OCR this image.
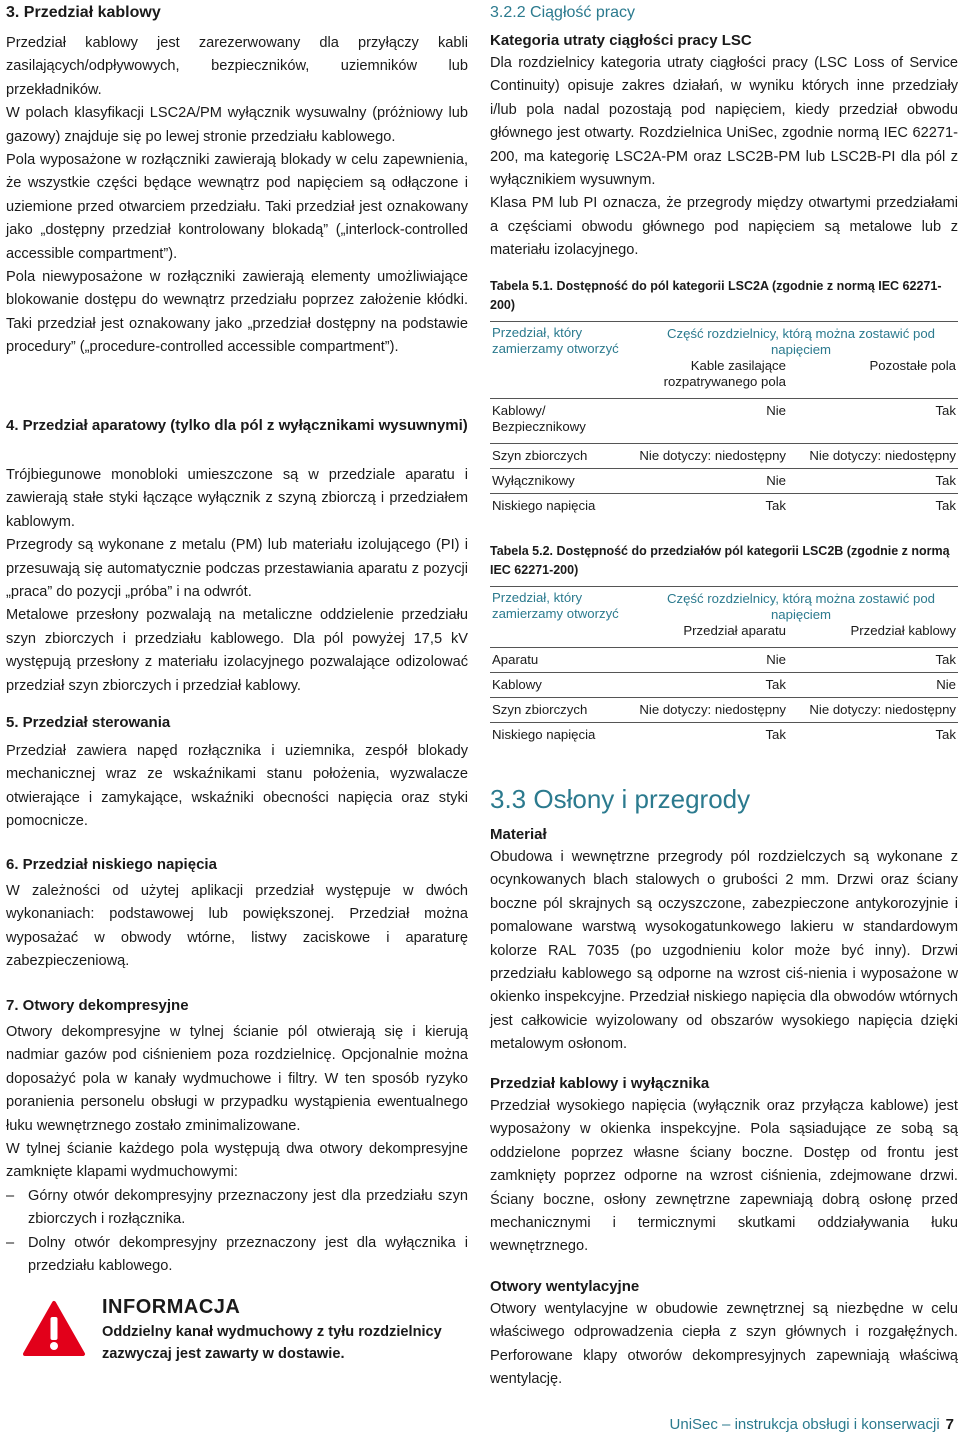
3. Przedział kablowy

Przedział kablowy jest zarezerwowany dla przyłączy kabli zasilających/odpływowych, bezpieczników, uziemników lub przekładników.

W polach klasyfikacji LSC2A/PM wyłącznik wysuwalny (próżniowy lub gazowy) znajduje się po lewej stronie przedziału kablowego.

Pola wyposażone w rozłączniki zawierają blokady w celu zapewnienia, że wszystkie części będące wewnątrz pod napięciem są odłączone i uziemione przed otwarciem przedziału. Taki przedział jest oznakowany jako „dostępny przedział kontrolowany blokadą” („interlock-controlled accessible compartment”).

Pola niewyposażone w rozłączniki zawierają elementy umożliwiające blokowanie dostępu do wewnątrz przedziału poprzez założenie kłódki. Taki przedział jest oznakowany jako „przedział dostępny na podstawie procedury” („procedure-controlled accessible compartment”).

4. Przedział aparatowy (tylko dla pól z wyłącznikami wysuwnymi)

Trójbiegunowe monobloki umieszczone są w przedziale aparatu i zawierają stałe styki łączące wyłącznik z szyną zbiorczą i przedziałem kablowym.

Przegrody są wykonane z metalu (PM) lub materiału izolującego (PI) i przesuwają się automatycznie podczas przestawiania aparatu z pozycji „praca” do pozycji „próba” i na odwrót.

Metalowe przesłony pozwalają na metaliczne oddzielenie przedziału szyn zbiorczych i przedziału kablowego. Dla pól powyżej 17,5 kV występują przesłony z materiału izolacyjnego pozwalające odizolować przedział szyn zbiorczych i przedział kablowy.

5. Przedział sterowania

Przedział zawiera napęd rozłącznika i uziemnika, zespół blokady mechanicznej wraz ze wskaźnikami stanu położenia, wyzwalacze otwierające i zamykające, wskaźniki obecności napięcia oraz styki pomocnicze.

6. Przedział niskiego napięcia

W zależności od użytej aplikacji przedział występuje w dwóch wykonaniach: podstawowej lub powiększonej. Przedział można wyposażać w obwody wtórne, listwy zaciskowe i aparaturę zabezpieczeniową.

7. Otwory dekompresyjne

Otwory dekompresyjne w tylnej ścianie pól otwierają się i kierują nadmiar gazów pod ciśnieniem poza rozdzielnicę. Opcjonalnie można doposażyć pola w kanały wydmuchowe i filtry. W ten sposób ryzyko poranienia personelu obsługi w przypadku wystąpienia ewentualnego łuku wewnętrznego zostało zminimalizowane.

W tylnej ścianie każdego pola występują dwa otwory dekompresyjne zamknięte klapami wydmuchowymi:

– Górny otwór dekompresyjny przeznaczony jest dla przedziału szyn zbiorczych i rozłącznika.
– Dolny otwór dekompresyjny przeznaczony jest dla wyłącznika i przedziału kablowego.
INFORMACJA
Oddzielny kanał wydmuchowy z tyłu rozdzielnicy zazwyczaj jest zawarty w dostawie.
3.2.2 Ciągłość pracy
Kategoria utraty ciągłości pracy LSC

Dla rozdzielnicy kategoria utraty ciągłości pracy (LSC Loss of Service Continuity) opisuje zakres działań, w wyniku których inne przedziały i/lub pola nadal pozostają pod napięciem, kiedy przedział obwodu głównego jest otwarty. Rozdzielnica UniSec, zgodnie normą IEC 62271-200, ma kategorię LSC2A-PM oraz LSC2B-PM lub LSC2B-PI dla pól z wyłącznikiem wysuwnym.

Klasa PM lub PI oznacza, że przegrody między otwartymi przedziałami a częściami obwodu głównego pod napięciem są metalowe lub z materiału izolacyjnego.

Tabela 5.1. Dostępność do pól kategorii LSC2A (zgodnie z normą IEC 62271-200)
Przedział, który zamierzamy otworzyć	Część rozdzielnicy, którą można zostawić pod napięciem	
	Kable zasilające rozpatrywanego pola	Pozostałe pola
Kablowy/ Bezpiecznikowy	Nie	Tak
Szyn zbiorczych	Nie dotyczy: niedostępny	Nie dotyczy: niedostępny
Wyłącznikowy	Nie	Tak
Niskiego napięcia	Tak	Tak
Tabela 5.2. Dostępność do przedziałów pól kategorii LSC2B (zgodnie z normą IEC 62271-200)
Przedział, który zamierzamy otworzyć	Część rozdzielnicy, którą można zostawić pod napięciem	
	Przedział aparatu	Przedział kablowy
Aparatu	Nie	Tak
Kablowy	Tak	Nie
Szyn zbiorczych	Nie dotyczy: niedostępny	Nie dotyczy: niedostępny
Niskiego napięcia	Tak	Tak
3.3 Osłony i przegrody
Materiał

Obudowa i wewnętrzne przegrody pól rozdzielczych są wykonane z ocynkowanych blach stalowych o grubości 2 mm. Drzwi oraz ściany boczne pól skrajnych są oczyszczone, zabezpieczone antykorozyjnie i pomalowane warstwą wysokogatunkowego lakieru w standardowym kolorze RAL 7035 (po uzgodnieniu kolor może być inny). Drzwi przedziału kablowego są odporne na wzrost ciś-nienia i wyposażone w okienko inspekcyjne. Przedział niskiego napięcia dla obwodów wtórnych jest całkowicie wyizolowany od obszarów wysokiego napięcia dzięki metalowym osłonom.

Przedział kablowy i wyłącznika

Przedział wysokiego napięcia (wyłącznik oraz przyłącza kablowe) jest wyposażony w okienka inspekcyjne. Pola sąsiadujące ze sobą są oddzielone poprzez własne ściany boczne. Dostęp od frontu jest zamknięty poprzez odporne na wzrost ciśnienia, zdejmowane drzwi. Ściany boczne, osłony zewnętrzne zapewniają dobrą osłonę przed mechanicznymi i termicznymi skutkami oddziaływania łuku wewnętrznego.

Otwory wentylacyjne

Otwory wentylacyjne w obudowie zewnętrznej są niezbędne w celu właściwego odprowadzenia ciepła z szyn głównych i rozgałęźnych. Perforowane klapy otworów dekompresyjnych zapewniają właściwą wentylację.

UniSec – instrukcja obsługi i konserwacji 7
